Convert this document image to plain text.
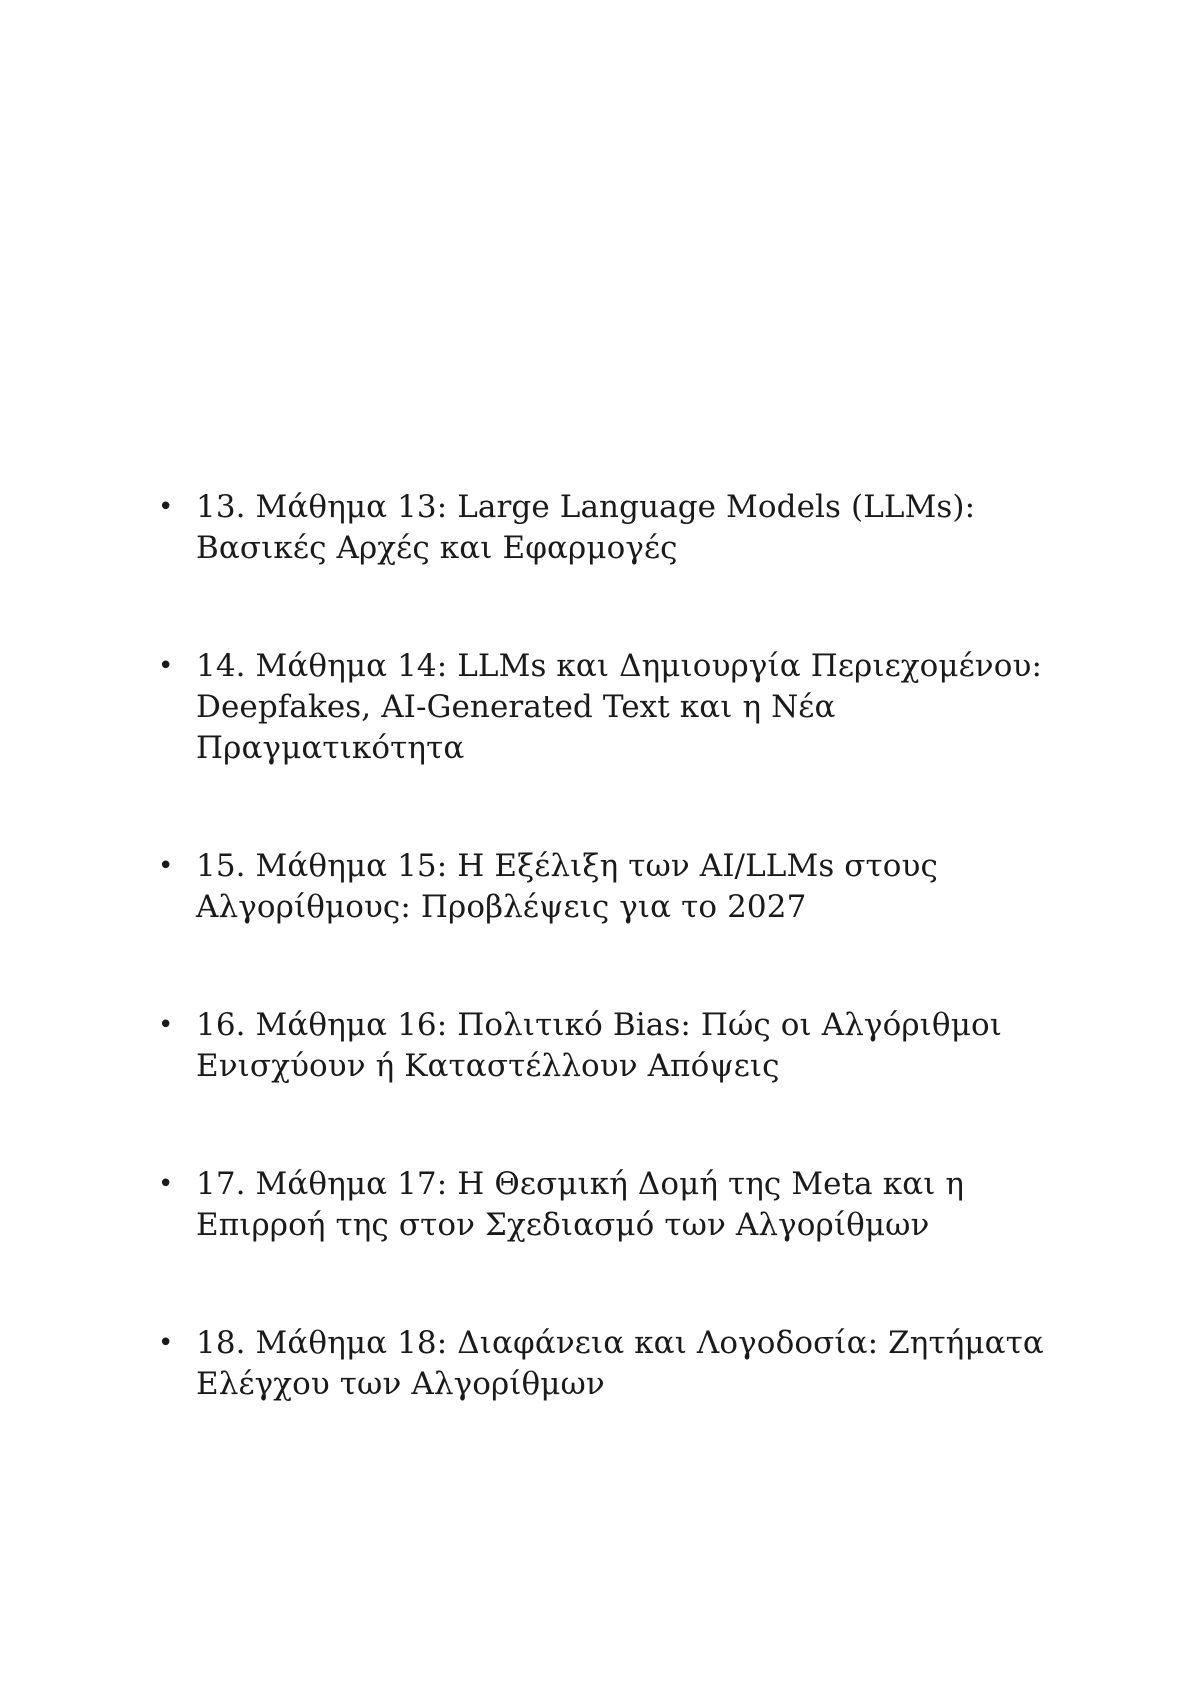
• 13. Μάθημα 13: Large Language Models (LLMs): Βασικές Αρχές και Εφαρμογές
• 14. Μάθημα 14: LLMs και Δημιουργία Περιεχομένου: Deepfakes, AI-Generated Text και η Νέα Πραγματικότητα
• 15. Μάθημα 15: Η Εξέλιξη των AI/LLMs στους Αλγορίθμους: Προβλέψεις για το 2027
• 16. Μάθημα 16: Πολιτικό Bias: Πώς οι Αλγόριθμοι Ενισχύουν ή Καταστέλλουν Απόψεις
• 17. Μάθημα 17: Η Θεσμική Δομή της Meta και η Επιρροή της στον Σχεδιασμό των Αλγορίθμων
• 18. Μάθημα 18: Διαφάνεια και Λογοδοσία: Ζητήματα Ελέγχου των Αλγορίθμων
